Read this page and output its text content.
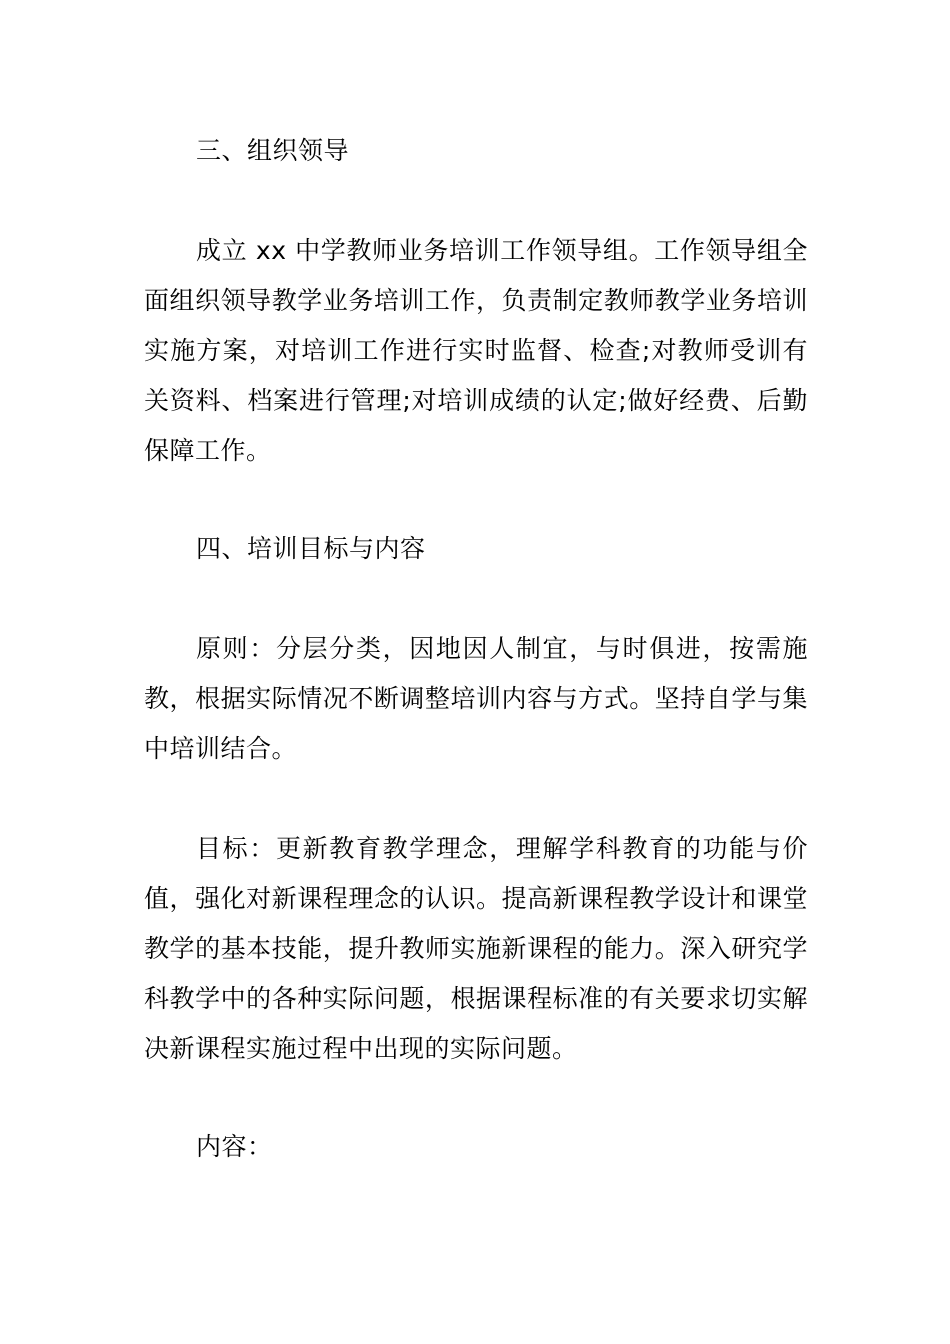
三、组织领导

成立 xx 中学教师业务培训工作领导组。工作领导组全面组织领导教学业务培训工作，负责制定教师教学业务培训实施方案，对培训工作进行实时监督、检查;对教师受训有关资料、档案进行管理;对培训成绩的认定;做好经费、后勤保障工作。

四、培训目标与内容

原则：分层分类，因地因人制宜，与时俱进，按需施教，根据实际情况不断调整培训内容与方式。坚持自学与集中培训结合。

目标：更新教育教学理念，理解学科教育的功能与价值，强化对新课程理念的认识。提高新课程教学设计和课堂教学的基本技能，提升教师实施新课程的能力。深入研究学科教学中的各种实际问题，根据课程标准的有关要求切实解决新课程实施过程中出现的实际问题。

内容：
